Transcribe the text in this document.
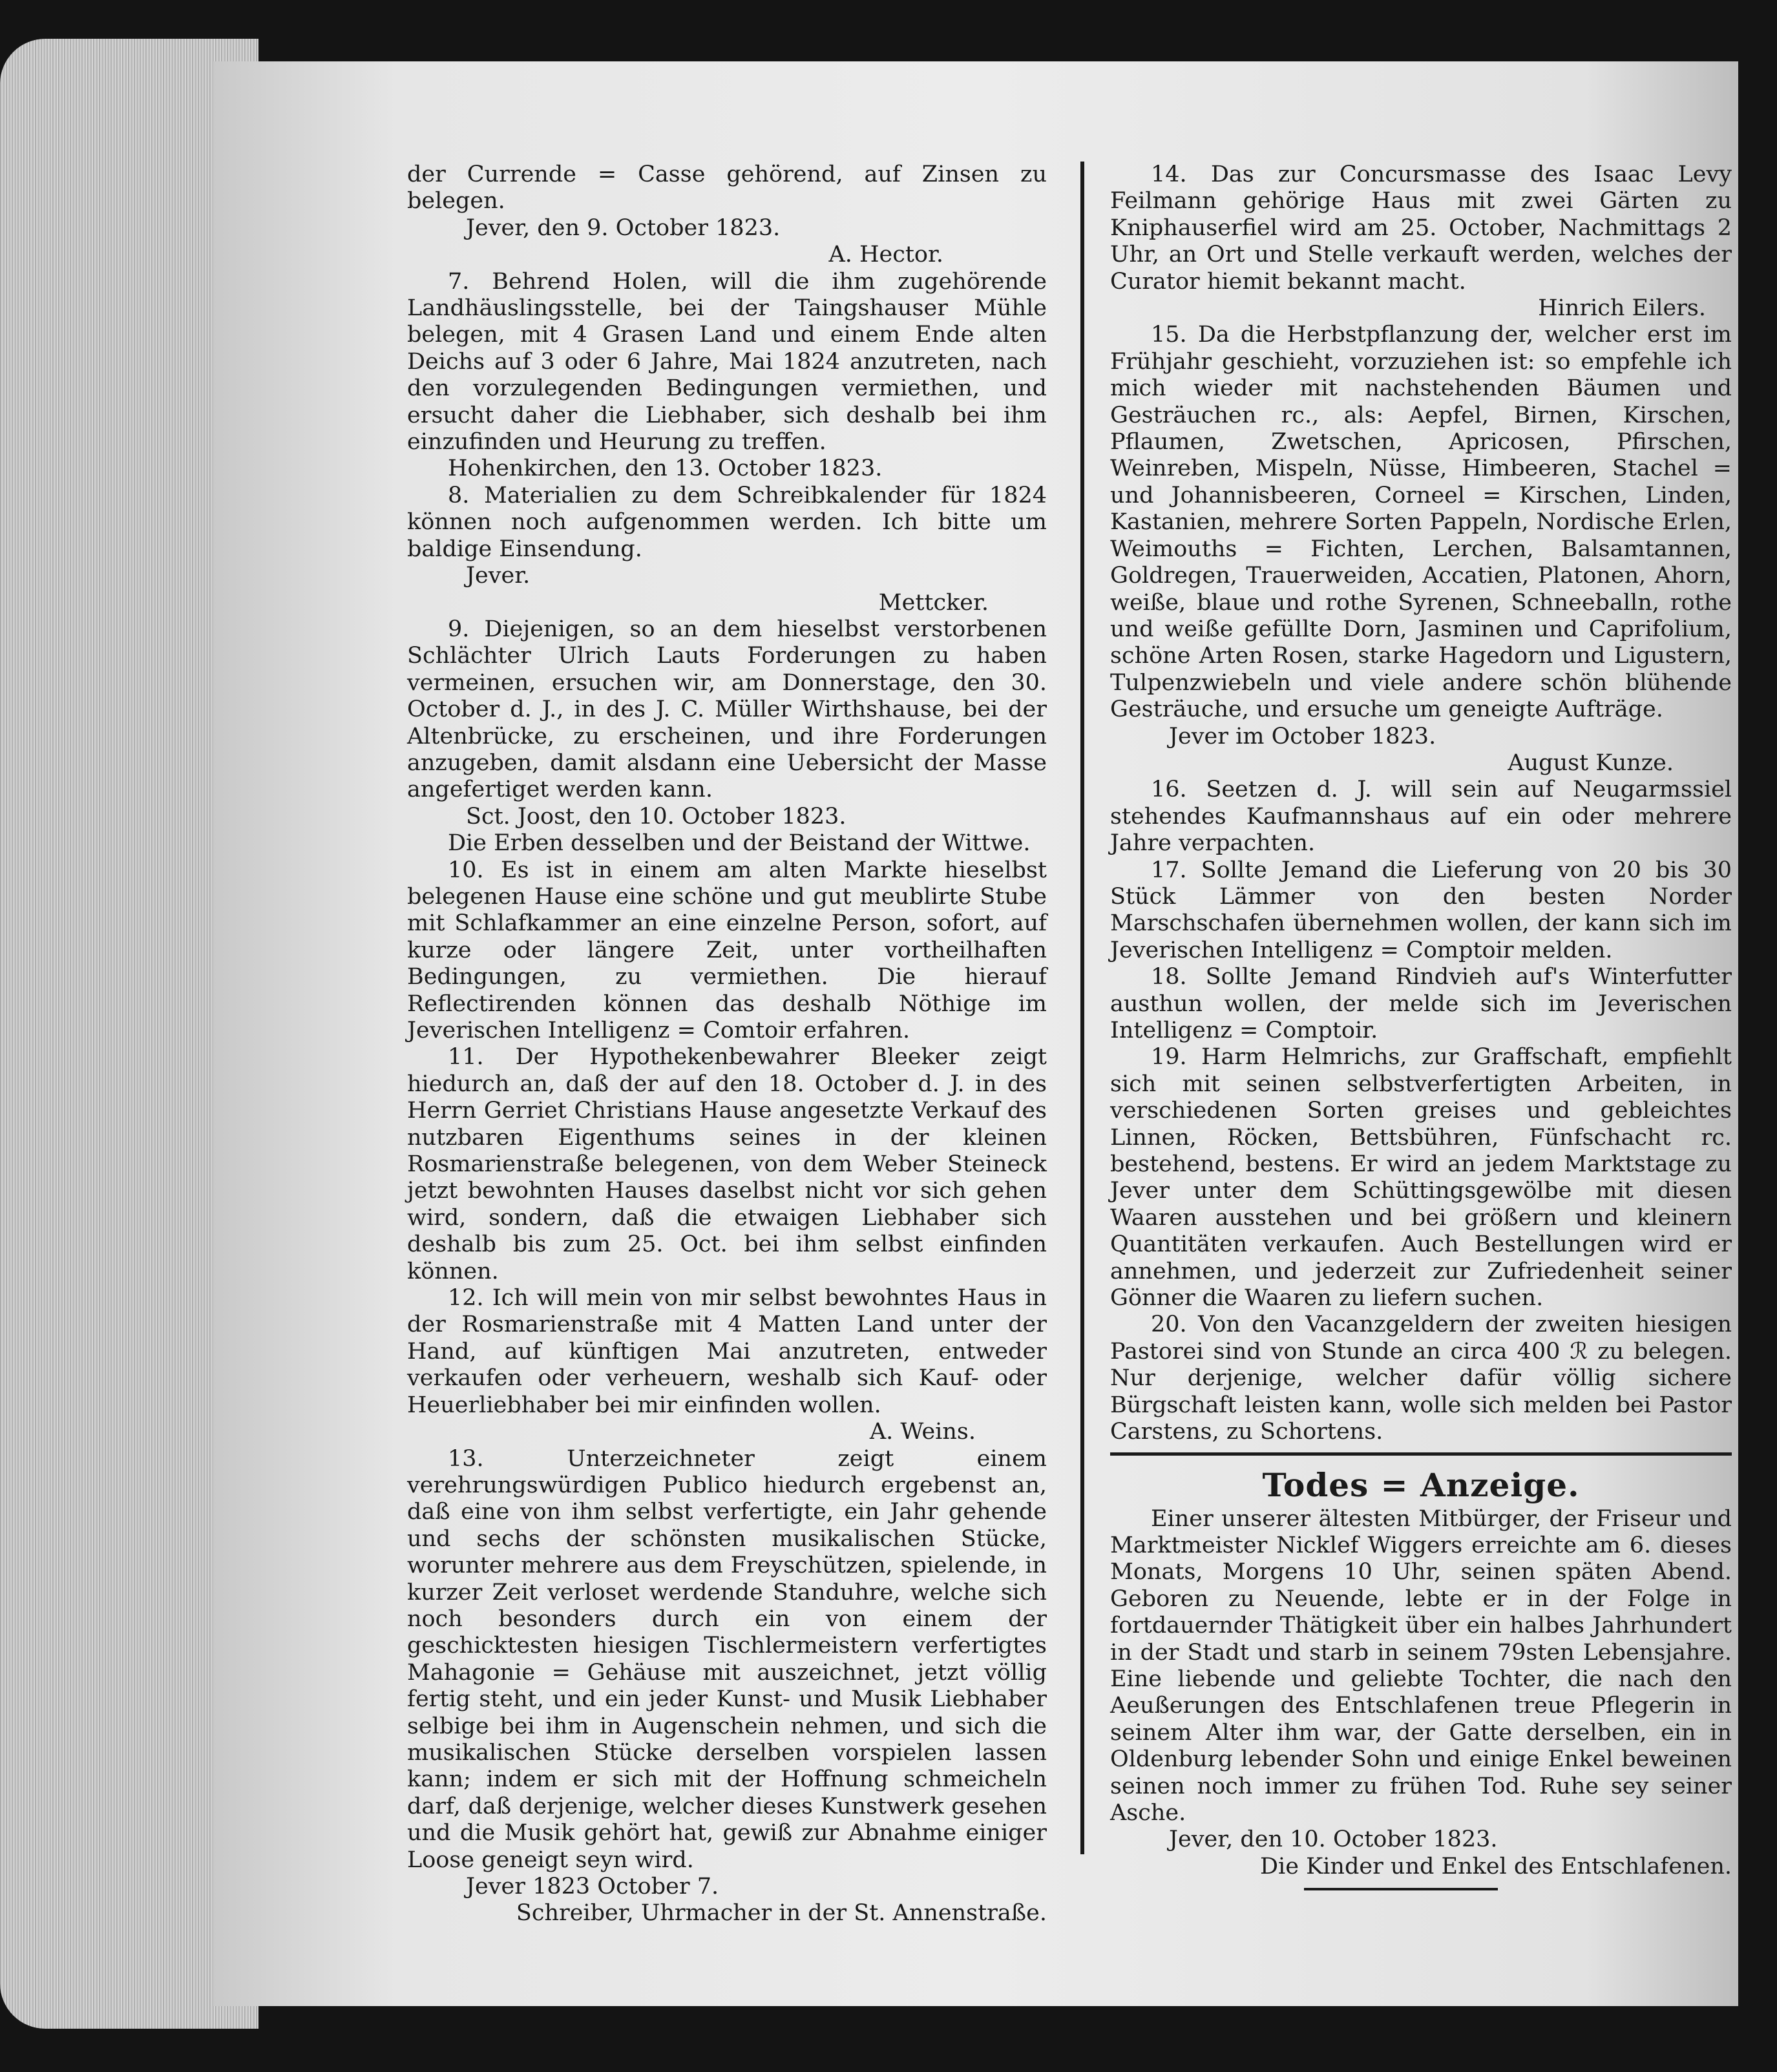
der Currende = Casse gehörend, auf Zinsen zu belegen.

Jever, den 9. October 1823.

A. Hector.

7. Behrend Holen, will die ihm zugehörende Landhäuslingsstelle, bei der Taingshauser Mühle belegen, mit 4 Grasen Land und einem Ende alten Deichs auf 3 oder 6 Jahre, Mai 1824 anzutreten, nach den vorzulegenden Bedingungen vermiethen, und ersucht daher die Liebhaber, sich deshalb bei ihm einzufinden und Heurung zu treffen.

Hohenkirchen, den 13. October 1823.

8. Materialien zu dem Schreibkalender für 1824 können noch aufgenommen werden. Ich bitte um baldige Einsendung.

Jever.

Mettcker.

9. Diejenigen, so an dem hieselbst verstorbenen Schlächter Ulrich Lauts Forderungen zu haben vermeinen, ersuchen wir, am Donnerstage, den 30. October d. J., in des J. C. Müller Wirthshause, bei der Altenbrücke, zu erscheinen, und ihre Forderungen anzugeben, damit alsdann eine Uebersicht der Masse angefertiget werden kann.

Sct. Joost, den 10. October 1823.

Die Erben desselben und der Beistand der Wittwe.

10. Es ist in einem am alten Markte hieselbst belegenen Hause eine schöne und gut meublirte Stube mit Schlafkammer an eine einzelne Person, sofort, auf kurze oder längere Zeit, unter vortheilhaften Bedingungen, zu vermiethen. Die hierauf Reflectirenden können das deshalb Nöthige im Jeverischen Intelligenz = Comtoir erfahren.

11. Der Hypothekenbewahrer Bleeker zeigt hiedurch an, daß der auf den 18. October d. J. in des Herrn Gerriet Christians Hause angesetzte Verkauf des nutzbaren Eigenthums seines in der kleinen Rosmarienstraße belegenen, von dem Weber Steineck jetzt bewohnten Hauses daselbst nicht vor sich gehen wird, sondern, daß die etwaigen Liebhaber sich deshalb bis zum 25. Oct. bei ihm selbst einfinden können.

12. Ich will mein von mir selbst bewohntes Haus in der Rosmarienstraße mit 4 Matten Land unter der Hand, auf künftigen Mai anzutreten, entweder verkaufen oder verheuern, weshalb sich Kauf- oder Heuerliebhaber bei mir einfinden wollen.

A. Weins.

13. Unterzeichneter zeigt einem verehrungswürdigen Publico hiedurch ergebenst an, daß eine von ihm selbst verfertigte, ein Jahr gehende und sechs der schönsten musikalischen Stücke, worunter mehrere aus dem Freyschützen, spielende, in kurzer Zeit verloset werdende Standuhre, welche sich noch besonders durch ein von einem der geschicktesten hiesigen Tischlermeistern verfertigtes Mahagonie = Gehäuse mit auszeichnet, jetzt völlig fertig steht, und ein jeder Kunst- und Musik Liebhaber selbige bei ihm in Augenschein nehmen, und sich die musikalischen Stücke derselben vorspielen lassen kann; indem er sich mit der Hoffnung schmeicheln darf, daß derjenige, welcher dieses Kunstwerk gesehen und die Musik gehört hat, gewiß zur Abnahme einiger Loose geneigt seyn wird.

Jever 1823 October 7.

Schreiber, Uhrmacher in der St. Annenstraße.

14. Das zur Concursmasse des Isaac Levy Feilmann gehörige Haus mit zwei Gärten zu Kniphauserfiel wird am 25. October, Nachmittags 2 Uhr, an Ort und Stelle verkauft werden, welches der Curator hiemit bekannt macht.

Hinrich Eilers.

15. Da die Herbstpflanzung der, welcher erst im Frühjahr geschieht, vorzuziehen ist: so empfehle ich mich wieder mit nachstehenden Bäumen und Gesträuchen rc., als: Aepfel, Birnen, Kirschen, Pflaumen, Zwetschen, Apricosen, Pfirschen, Weinreben, Mispeln, Nüsse, Himbeeren, Stachel = und Johannisbeeren, Corneel = Kirschen, Linden, Kastanien, mehrere Sorten Pappeln, Nordische Erlen, Weimouths = Fichten, Lerchen, Balsamtannen, Goldregen, Trauerweiden, Accatien, Platonen, Ahorn, weiße, blaue und rothe Syrenen, Schneeballn, rothe und weiße gefüllte Dorn, Jasminen und Caprifolium, schöne Arten Rosen, starke Hagedorn und Ligustern, Tulpenzwiebeln und viele andere schön blühende Gesträuche, und ersuche um geneigte Aufträge.

Jever im October 1823.

August Kunze.

16. Seetzen d. J. will sein auf Neugarmssiel stehendes Kaufmannshaus auf ein oder mehrere Jahre verpachten.

17. Sollte Jemand die Lieferung von 20 bis 30 Stück Lämmer von den besten Norder Marschschafen übernehmen wollen, der kann sich im Jeverischen Intelligenz = Comptoir melden.

18. Sollte Jemand Rindvieh auf's Winterfutter austhun wollen, der melde sich im Jeverischen Intelligenz = Comptoir.

19. Harm Helmrichs, zur Graffschaft, empfiehlt sich mit seinen selbstverfertigten Arbeiten, in verschiedenen Sorten greises und gebleichtes Linnen, Röcken, Bettsbühren, Fünfschacht rc. bestehend, bestens. Er wird an jedem Marktstage zu Jever unter dem Schüttingsgewölbe mit diesen Waaren ausstehen und bei größern und kleinern Quantitäten verkaufen. Auch Bestellungen wird er annehmen, und jederzeit zur Zufriedenheit seiner Gönner die Waaren zu liefern suchen.

20. Von den Vacanzgeldern der zweiten hiesigen Pastorei sind von Stunde an circa 400 ℛ zu belegen. Nur derjenige, welcher dafür völlig sichere Bürgschaft leisten kann, wolle sich melden bei Pastor Carstens, zu Schortens.

Todes = Anzeige.

Einer unserer ältesten Mitbürger, der Friseur und Marktmeister Nicklef Wiggers erreichte am 6. dieses Monats, Morgens 10 Uhr, seinen späten Abend. Geboren zu Neuende, lebte er in der Folge in fortdauernder Thätigkeit über ein halbes Jahrhundert in der Stadt und starb in seinem 79sten Lebensjahre. Eine liebende und geliebte Tochter, die nach den Aeußerungen des Entschlafenen treue Pflegerin in seinem Alter ihm war, der Gatte derselben, ein in Oldenburg lebender Sohn und einige Enkel beweinen seinen noch immer zu frühen Tod. Ruhe sey seiner Asche.

Jever, den 10. October 1823.

Die Kinder und Enkel des Entschlafenen.
